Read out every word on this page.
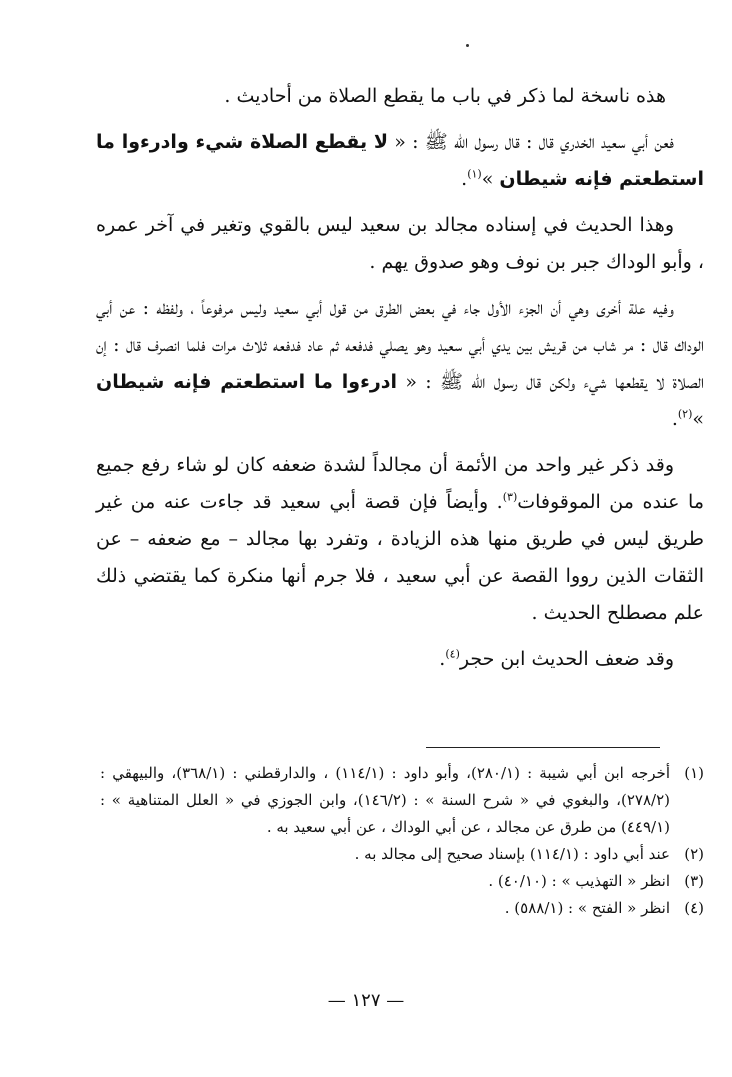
هذه ناسخة لما ذكر في باب ما يقطع الصلاة من أحاديث .

فعن أبي سعيد الخدري قال : قال رسول الله ﷺ : « لا يقطع الصلاة شيء وادرءوا ما استطعتم فإنه شيطان »$^{(١)}$.

وهذا الحديث في إسناده مجالد بن سعيد ليس بالقوي وتغير في آخر عمره ، وأبو الوداك جبر بن نوف وهو صدوق يهم .

وفيه علة أخرى وهي أن الجزء الأول جاء في بعض الطرق من قول أبي سعيد وليس مرفوعاً ، ولفظه : عن أبي الوداك قال : مر شاب من قريش بين يدي أبي سعيد وهو يصلي فدفعه ثم عاد فدفعه ثلاث مرات فلما انصرف قال : إن الصلاة لا يقطعها شيء ولكن قال رسول الله ﷺ : « ادرءوا ما استطعتم فإنه شيطان »$^{(٢)}$.

وقد ذكر غير واحد من الأئمة أن مجالداً لشدة ضعفه كان لو شاء رفع جميع ما عنده من الموقوفات$^{(٣)}$. وأيضاً فإن قصة أبي سعيد قد جاءت عنه من غير طريق ليس في طريق منها هذه الزيادة ، وتفرد بها مجالد – مع ضعفه – عن الثقات الذين رووا القصة عن أبي سعيد ، فلا جرم أنها منكرة كما يقتضي ذلك علم مصطلح الحديث .

وقد ضعف الحديث ابن حجر$^{(٤)}$.

(١)
أخرجه ابن أبي شيبة : (٢٨٠/١)، وأبو داود : (١١٤/١) ، والدارقطني : (٣٦٨/١)، والبيهقي : (٢٧٨/٢)، والبغوي في « شرح السنة » : (١٤٦/٢)، وابن الجوزي في « العلل المتناهية » : (٤٤٩/١) من طرق عن مجالد ، عن أبي الوداك ، عن أبي سعيد به .
(٢)
عند أبي داود : (١١٤/١) بإسناد صحيح إلى مجالد به .
(٣)
انظر « التهذيب » : (٤٠/١٠) .
(٤)
انظر « الفتح » : (٥٨٨/١) .
— ١٢٧ —
